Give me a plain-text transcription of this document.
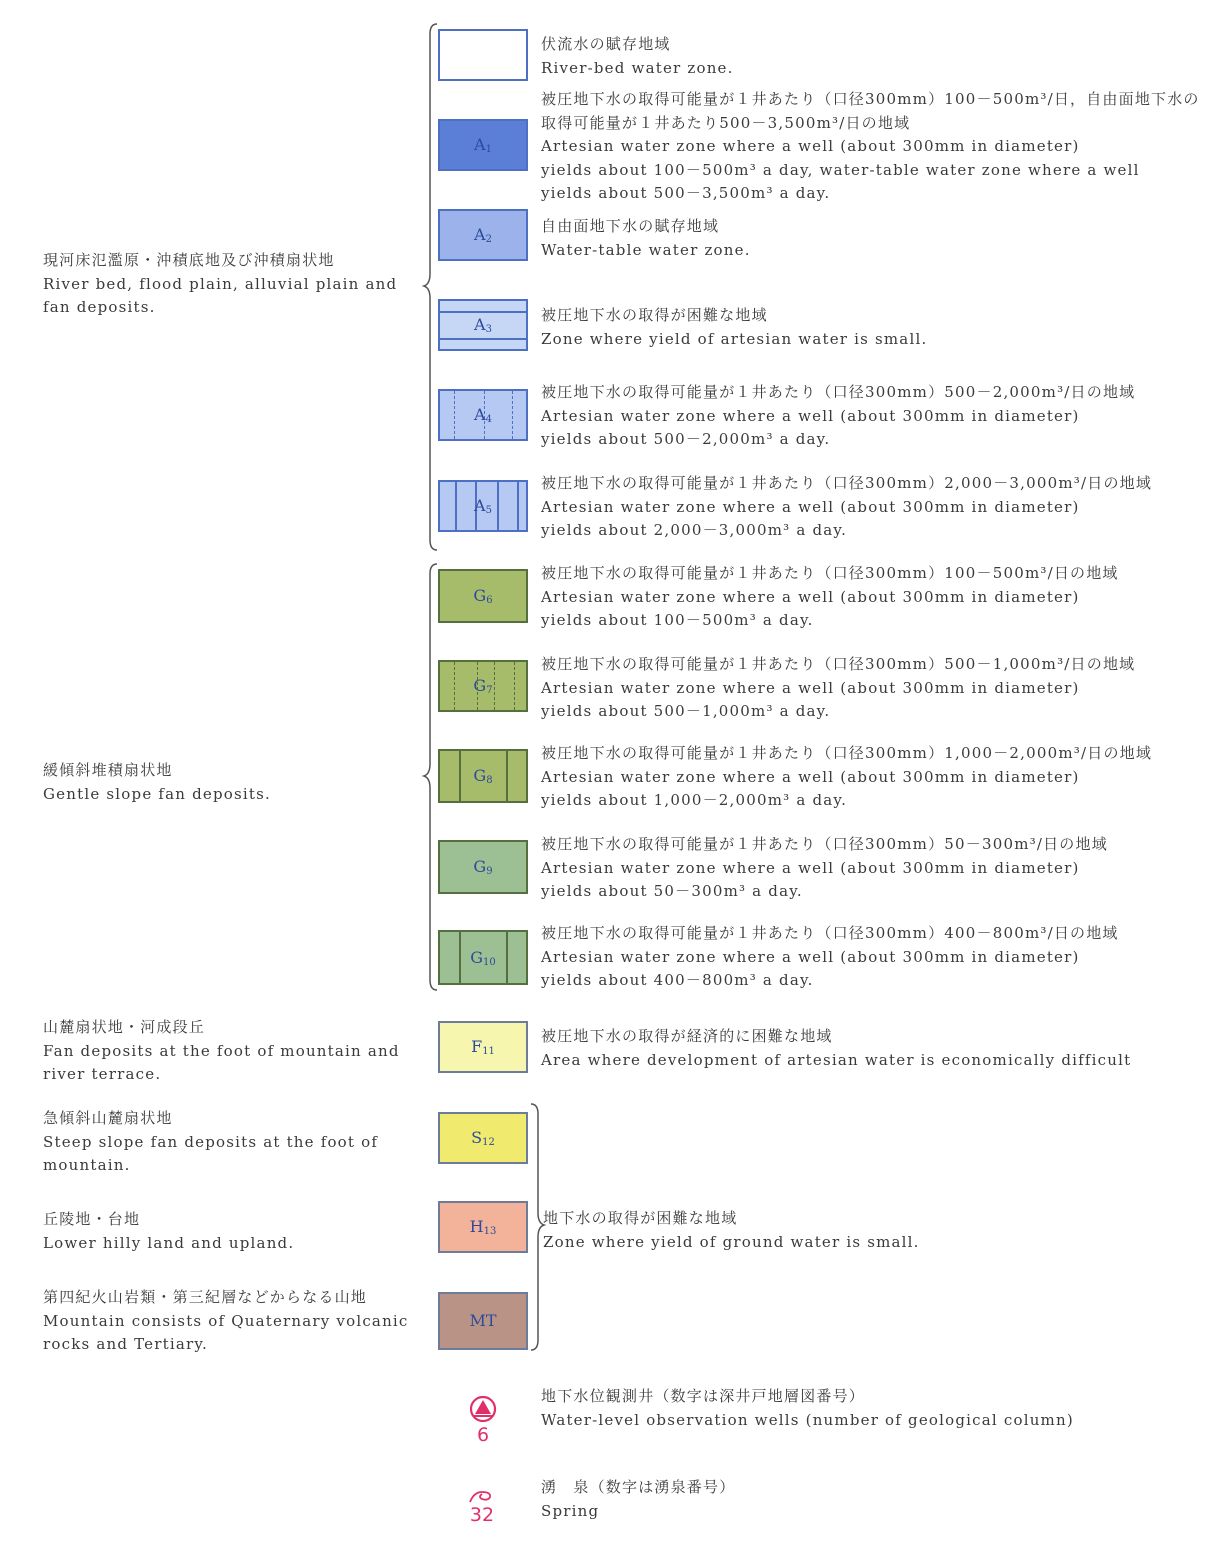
現河床氾濫原・沖積底地及び沖積扇状地
River bed, flood plain, alluvial plain and
fan deposits.
緩傾斜堆積扇状地
Gentle slope fan deposits.
山麓扇状地・河成段丘
Fan deposits at the foot of mountain and
river terrace.
急傾斜山麓扇状地
Steep slope fan deposits at the foot of
mountain.
丘陵地・台地
Lower hilly land and upland.
第四紀火山岩類・第三紀層などからなる山地
Mountain consists of Quaternary volcanic
rocks and Tertiary.
$A_1$
$A_2$
$A_3$
$A_4$
$A_5$
$G_6$
$G_7$
$G_8$
$G_9$
$G_{10}$
$F_{11}$
$S_{12}$
$H_{13}$
MT
伏流水の賦存地域
River-bed water zone.
被圧地下水の取得可能量が１井あたり（口径300mm）100－500m³/日，自由面地下水の
取得可能量が１井あたり500－3,500m³/日の地域
Artesian water zone where a well (about 300mm in diameter)
yields about 100－500m³ a day, water-table water zone where a well
yields about 500－3,500m³ a day.
自由面地下水の賦存地域
Water-table water zone.
被圧地下水の取得が困難な地域
Zone where yield of artesian water is small.
被圧地下水の取得可能量が１井あたり（口径300mm）500－2,000m³/日の地域
Artesian water zone where a well (about 300mm in diameter)
yields about 500－2,000m³ a day.
被圧地下水の取得可能量が１井あたり（口径300mm）2,000－3,000m³/日の地域
Artesian water zone where a well (about 300mm in diameter)
yields about 2,000－3,000m³ a day.
被圧地下水の取得可能量が１井あたり（口径300mm）100－500m³/日の地域
Artesian water zone where a well (about 300mm in diameter)
yields about 100－500m³ a day.
被圧地下水の取得可能量が１井あたり（口径300mm）500－1,000m³/日の地域
Artesian water zone where a well (about 300mm in diameter)
yields about 500－1,000m³ a day.
被圧地下水の取得可能量が１井あたり（口径300mm）1,000－2,000m³/日の地域
Artesian water zone where a well (about 300mm in diameter)
yields about 1,000－2,000m³ a day.
被圧地下水の取得可能量が１井あたり（口径300mm）50－300m³/日の地域
Artesian water zone where a well (about 300mm in diameter)
yields about 50－300m³ a day.
被圧地下水の取得可能量が１井あたり（口径300mm）400－800m³/日の地域
Artesian water zone where a well (about 300mm in diameter)
yields about 400－800m³ a day.
被圧地下水の取得が経済的に困難な地域
Area where development of artesian water is economically difficult
地下水の取得が困難な地域
Zone where yield of ground water is small.
6
地下水位観測井（数字は深井戸地層図番号）
Water-level observation wells (number of geological column)
32
湧　泉（数字は湧泉番号）
Spring
